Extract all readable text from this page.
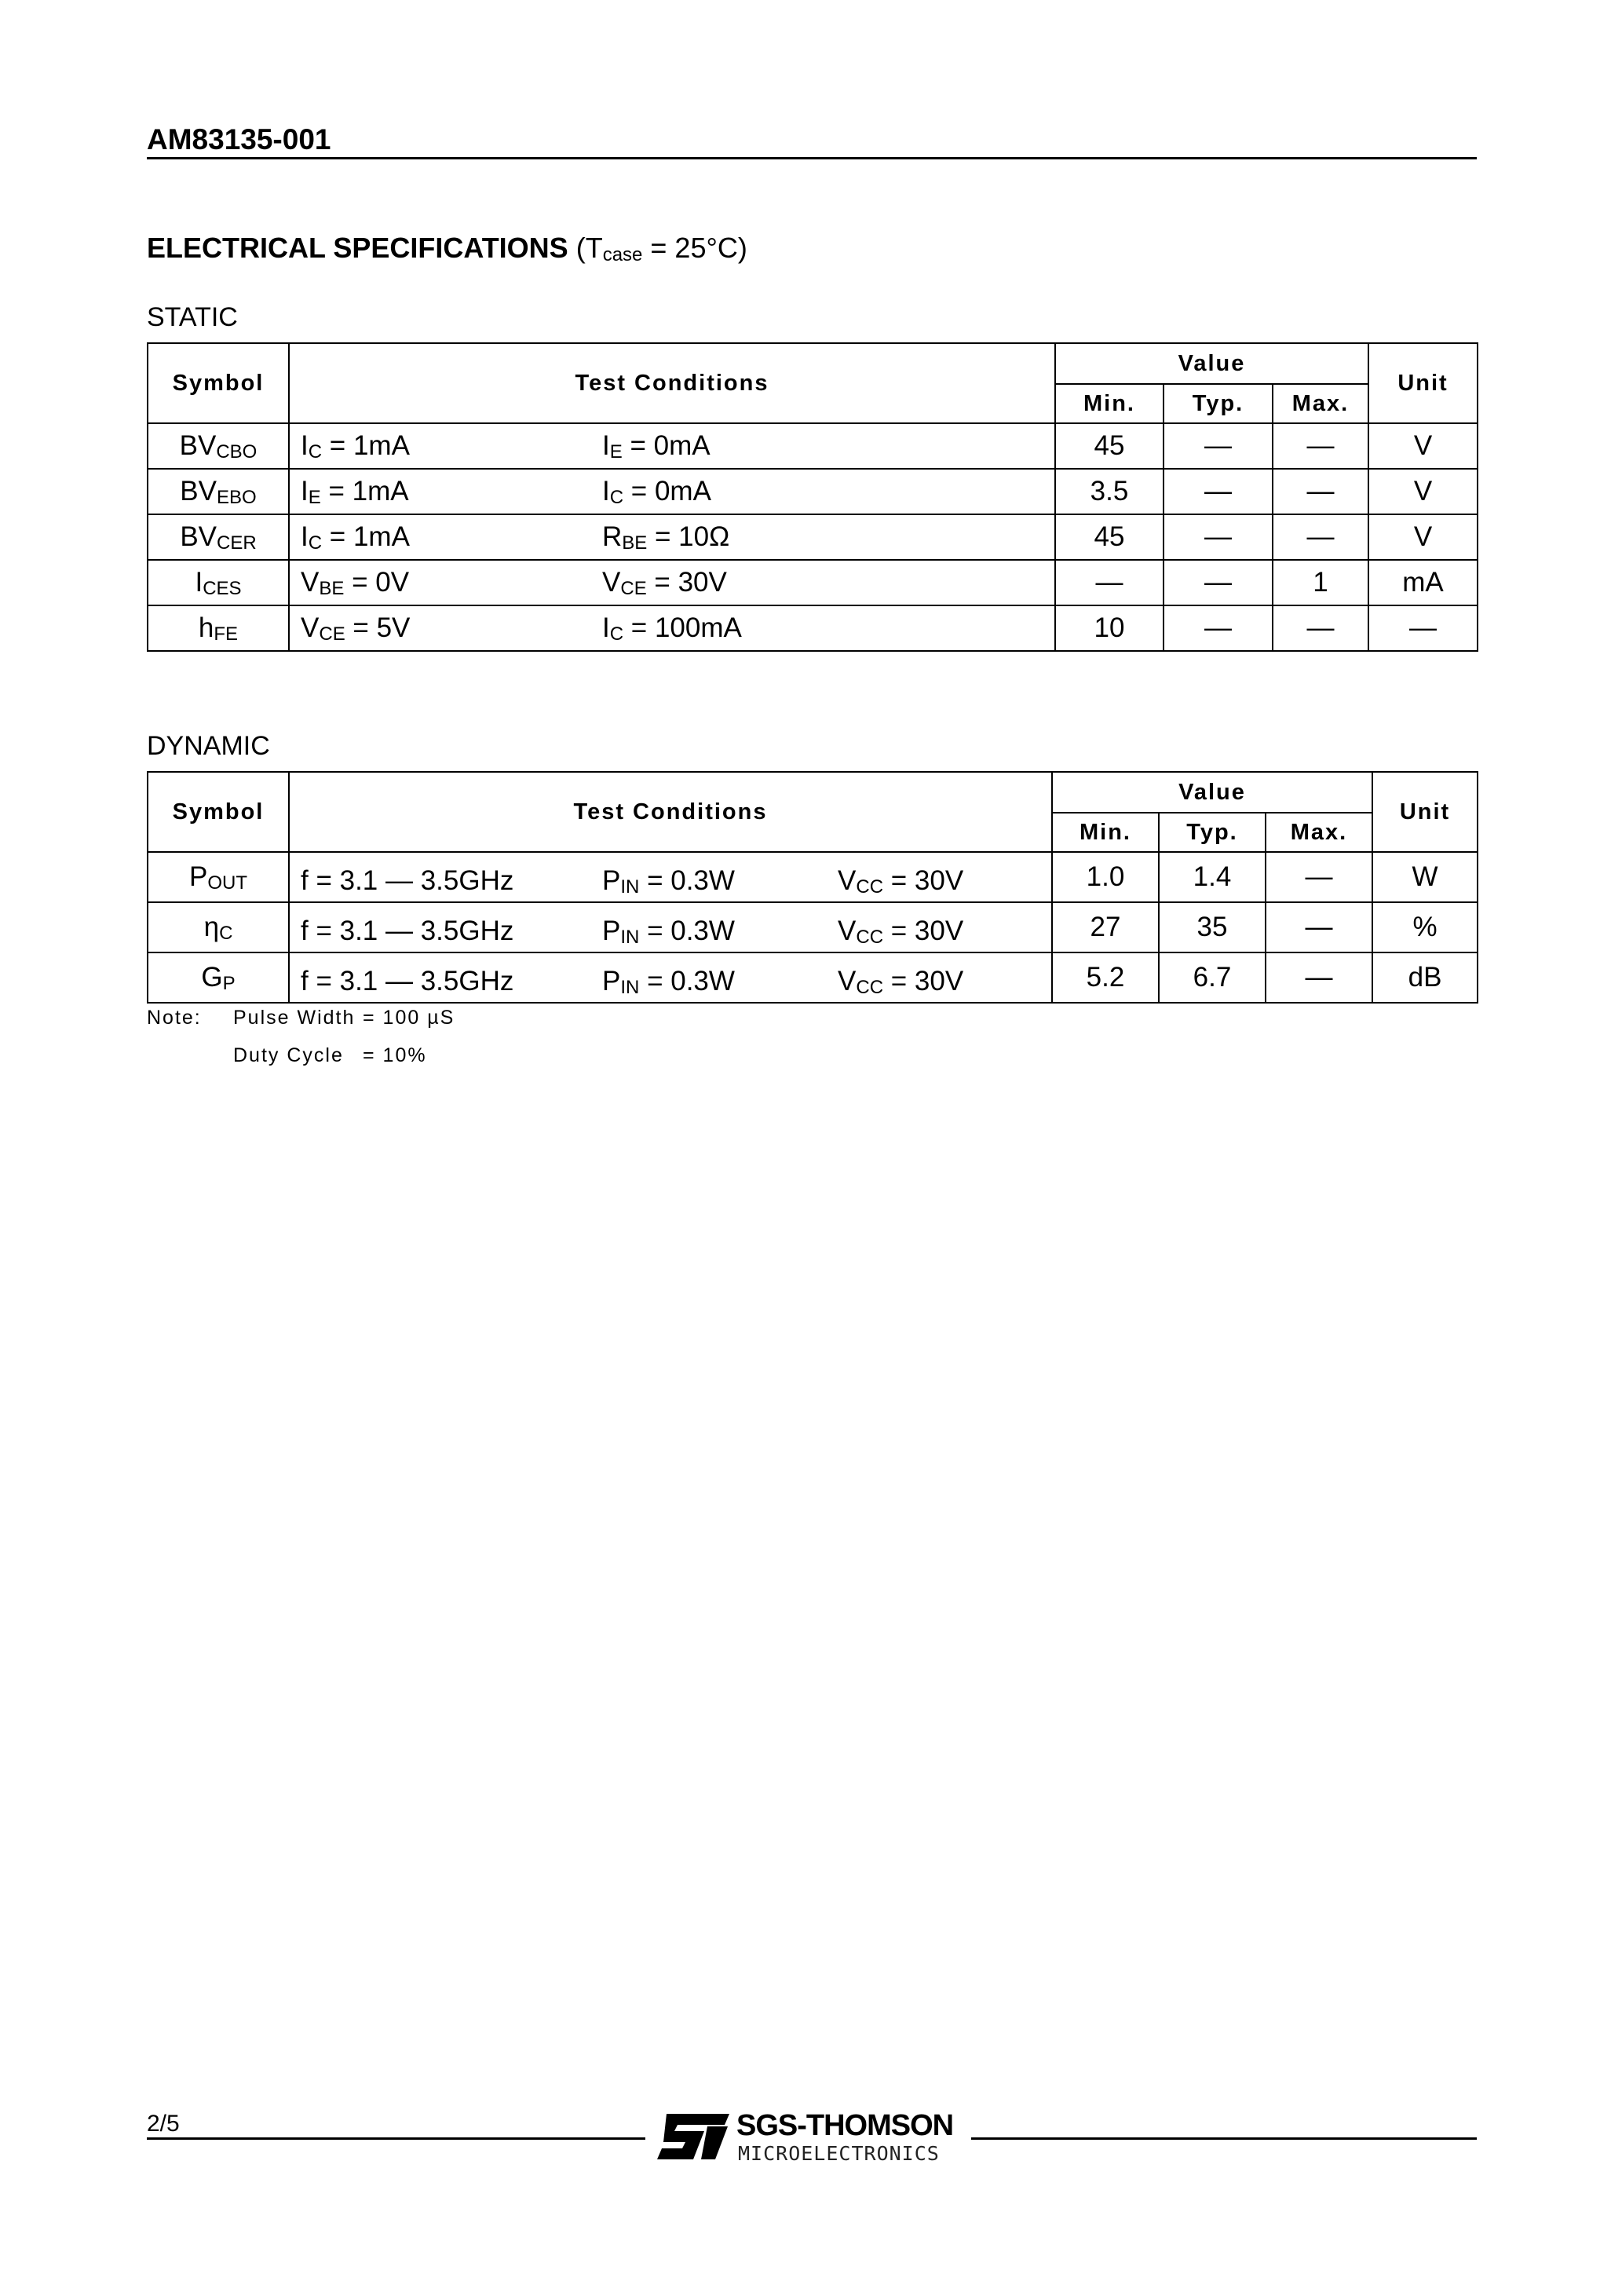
AM83135-001
ELECTRICAL SPECIFICATIONS $(T_{case} = 25^\circ C)$
STATIC
Symbol	Test Conditions	Value			Unit
		Min.	Typ.	Max.	
$BV_{CBO}$	$I_C = 1mA$ $I_E = 0mA$	45	—	—	V
$BV_{EBO}$	$I_E = 1mA$ $I_C = 0mA$	3.5	—	—	V
$BV_{CER}$	$I_C = 1mA$ $R_{BE} = 10\Omega$	45	—	—	V
$I_{CES}$	$V_{BE} = 0V$ $V_{CE} = 30V$	—	—	1	mA
$h_{FE}$	$V_{CE} = 5V$ $I_C = 100mA$	10	—	—	—
DYNAMIC
Symbol	Test Conditions	Value			Unit
		Min.	Typ.	Max.	
$P_{OUT}$	f = 3.1 — 3.5GHz $P_{IN} = 0.3W$ $V_{CC} = 30V$	1.0	1.4	—	W
$\eta_C$	f = 3.1 — 3.5GHz $P_{IN} = 0.3W$ $V_{CC} = 30V$	27	35	—	%
$G_P$	f = 3.1 — 3.5GHz $P_{IN} = 0.3W$ $V_{CC} = 30V$	5.2	6.7	—	dB
Note: Pulse Width = 100 µS
Duty Cycle = 10%
2/5	SGS-THOMSON
MICROELECTRONICS
